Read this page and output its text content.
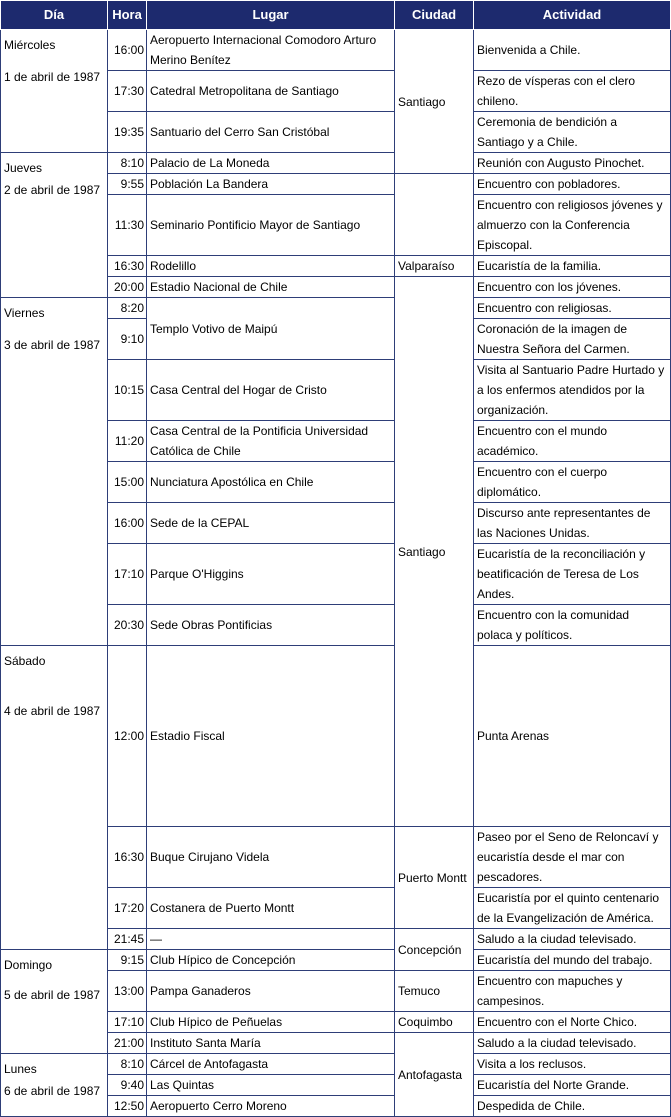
Día	Hora	Lugar	Ciudad	Actividad	

Miércoles
1 de abril de 1987	16:00	Aeropuerto Internacional Comodoro Arturo Merino Benítez	Santiago	Bienvenida a Chile.	
	17:30	Catedral Metropolitana de Santiago		Rezo de vísperas con el clero chileno.	
	19:35	Santuario del Cerro San Cristóbal		Ceremonia de bendición a Santiago y a Chile.	
Jueves
2 de abril de 1987	8:10	Palacio de La Moneda		Reunión con Augusto Pinochet.	
	9:55	Población La Bandera		Encuentro con pobladores.	
	11:30	Seminario Pontificio Mayor de Santiago		Encuentro con religiosos jóvenes y almuerzo con la Conferencia Episcopal.	
	16:30	Rodelillo	Valparaíso	Eucaristía de la familia.	
	20:00	Estadio Nacional de Chile	Santiago	Encuentro con los jóvenes.	

Viernes
3 de abril de 1987	8:20	Templo Votivo de Maipú		Encuentro con religiosas.	
	9:10			Coronación de la imagen de Nuestra Señora del Carmen.	
	10:15	Casa Central del Hogar de Cristo		Visita al Santuario Padre Hurtado y a los enfermos atendidos por la organización.	
	11:20	Casa Central de la Pontificia Universidad Católica de Chile		Encuentro con el mundo académico.	
	15:00	Nunciatura Apostólica en Chile		Encuentro con el cuerpo diplomático.	
	16:00	Sede de la CEPAL		Discurso ante representantes de las Naciones Unidas.	
	17:10	Parque O'Higgins		Eucaristía de la reconciliación y beatificación de Teresa de Los Andes.	
	20:30	Sede Obras Pontificias		Encuentro con la comunidad polaca y políticos.	

Sábado
4 de abril de 1987	12:00	Estadio Fiscal		Punta Arenas	
	16:30	Buque Cirujano Videla	Puerto Montt	Paseo por el Seno de Reloncaví y eucaristía desde el mar con pescadores.	
	17:20	Costanera de Puerto Montt		Eucaristía por el quinto centenario de la Evangelización de América.	
	21:45	—	Concepción	Saludo a la ciudad televisado.	

Domingo
5 de abril de 1987	9:15	Club Hípico de Concepción		Eucaristía del mundo del trabajo.	
	13:00	Pampa Ganaderos	Temuco	Encuentro con mapuches y campesinos.	
	17:10	Club Hípico de Peñuelas	Coquimbo	Encuentro con el Norte Chico.	
	21:00	Instituto Santa María	Antofagasta	Saludo a la ciudad televisado.	
Lunes
6 de abril de 1987	8:10	Cárcel de Antofagasta		Visita a los reclusos.	
	9:40	Las Quintas		Eucaristía del Norte Grande.	
	12:50	Aeropuerto Cerro Moreno		Despedida de Chile.	
